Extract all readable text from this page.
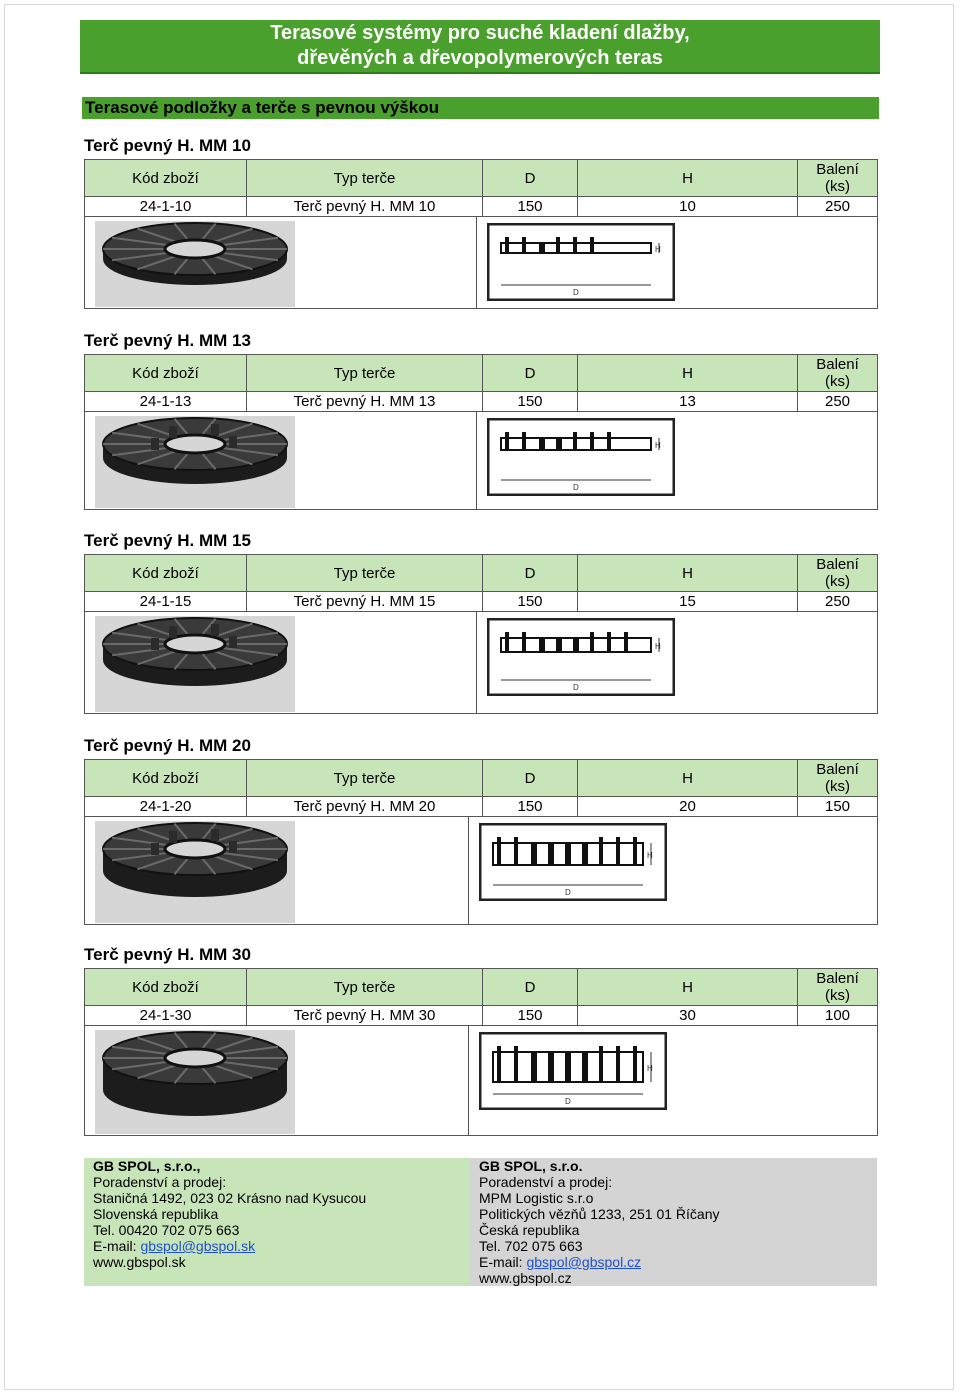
Terasové systémy pro suché kladení dlažby,
dřevěných a dřevopolymerových teras
Terasové podložky a terče s pevnou výškou
Terč pevný H. MM 10
Kód zboží	Typ terče	D	H	Balení
(ks)
24-1-10	Terč pevný H. MM 10	150	10	250
H
D
Terč pevný H. MM 13
Kód zboží	Typ terče	D	H	Balení
(ks)
24-1-13	Terč pevný H. MM 13	150	13	250
H
D
Terč pevný H. MM 15
Kód zboží	Typ terče	D	H	Balení
(ks)
24-1-15	Terč pevný H. MM 15	150	15	250
H
D
Terč pevný H. MM 20
Kód zboží	Typ terče	D	H	Balení
(ks)
24-1-20	Terč pevný H. MM 20	150	20	150
H
D
Terč pevný H. MM 30
Kód zboží	Typ terče	D	H	Balení
(ks)
24-1-30	Terč pevný H. MM 30	150	30	100
H
D
GB SPOL, s.r.o.,
Poradenství a prodej:
Staničná 1492, 023 02 Krásno nad Kysucou
Slovenská republika
Tel. 00420 702 075 663
E-mail: gbspol@gbspol.sk
www.gbspol.sk
GB SPOL, s.r.o.
Poradenství a prodej:
MPM Logistic s.r.o
Politických vězňů 1233, 251 01 Říčany
Česká republika
Tel. 702 075 663
E-mail: gbspol@gbspol.cz
www.gbspol.cz
